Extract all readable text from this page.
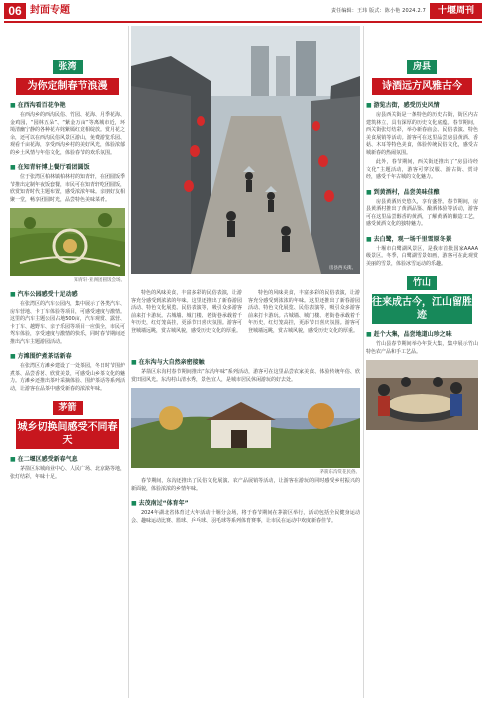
06 封面专题	责任编辑：王玮 版式：陈小艳 2024.2.7	十堰周刊
张湾
为你定制春节浪漫
■ 在西沟看百花争艳
在西沟乡的西沟民俗、竹园、花海、月季花海、金鸡园，“园林五朵”、“紫金万亩”等离城市近，环境清幽宁静的各种花卉姹紫嫣红竞相绽放。赏月花之余，还可以在西沟民俗风景区游山，免费游览乐园、观看千亩花海，享受西沟乡村的美好风光，体验浓郁的乡土风情与年俗文化，体验春节的欢乐氛围。
■ 在知青轩博上餐厅看团圆饭
位于张湾区柏林镇柏林村的知青轩，在团圆饭季节推出定制年夜饭套餐，市民可在知青轩吃团圆饭，欣赏知青时代主题布置，感受浓浓年味。亲朋好友相聚一堂，畅享团圆时光，品尝特色美味菜肴。
知青轩·亚洲团圆饭会场。
■ 汽车公园感受十足动感
在张湾区的汽车公园内，集中展示了各类汽车、房车营地、卡丁车体验等项目，可感受速度与激情。这里的汽车主题公园占地500亩，汽车观赏、露营、卡丁车、越野车、亲子乐园等项目一应俱全，市民可驾车体验，享受速度与激情的快乐，同时春节期间还推出汽车主题游园活动。
■ 方滩围炉煮茶话新春
在张湾区方滩乡建设了一处茶园，冬日时节围炉煮茶、品尝香茗、欣赏美景，可感受山乡茶文化的魅力。方滩乡还推出茶叶采摘体验、围炉茶话等系列活动，让游客在品茶中感受新春的浓浓年味。
茅箭
城乡切换间感受不同春天
■ 在二堰区感受新春气息
茅箭区东城商业中心、人民广场、北京路等地，张灯结彩，年味十足。
房县西关街。
特色的风味美食，丰富多彩的民俗表演，让游客充分感受到浓浓的年味。这里还推出了新春游园活动、特色文化展览、民俗表演等，吸引众多游客前来打卡游玩。古城墙、城门楼、老街巷承载着千年历史，红灯笼高挂，更添节日喜庆氛围。游客可登城墙远眺，赏古城风貌，感受历史文化的厚重。
特色的风味美食，丰富多彩的民俗表演，让游客充分感受到浓浓的年味。这里还推出了新春游园活动、特色文化展览、民俗表演等，吸引众多游客前来打卡游玩。古城墙、城门楼、老街巷承载着千年历史，红灯笼高挂，更添节日喜庆氛围。游客可登城墙远眺，赏古城风貌，感受历史文化的厚重。
■ 在东沟与大自然亲密接触
茅箭区东沟村春节期间推出“东沟年味”系列活动，游客可在这里品尝农家美食、体验传统年俗、欣赏田园风光。东沟村山清水秀，景色宜人，是城市居民休闲游玩的好去处。
茅箭东沟赏花民俗。
春节期间，东沟还推出了民俗文化展演、农产品展销等活动，让游客在游玩的同时感受乡村振兴的新面貌，体验浓浓的乡情年味。
■ 去茂南过“体育年”
2024年湖北省体育过大年活动十堰分会场，将于春节期间在茅箭区举行，活动包括全民健身运动会、趣味运动比赛、篮球、乒乓球、羽毛球等系列体育赛事，让市民在运动中欢度新春佳节。
房县
诗酒远方风雅古今
■ 游览古街，感受历史风情
房县西关街是一条特色的历史古街，街区内古建筑林立，具有深厚的历史文化底蕴。春节期间，西关街张灯结彩，举办新春庙会、民俗表演、特色美食展销等活动。游客可在这里品尝房县黄酒、香菇、木耳等特色美食，体验传统民俗文化，感受古城新春的热闹氛围。
此外，春节期间，西关街还推出了“房县诗经文化”主题活动，游客可穿汉服、游古街、赏诗经，感受千年古城的文化魅力。
■ 到黄酒村，品尝美味佳酿
房县黄酒历史悠久，享有盛誉。春节期间，房县黄酒村推出了黄酒品鉴、酿酒体验等活动，游客可在这里品尝醇香的黄酒，了解黄酒的酿造工艺，感受黄酒文化的独特魅力。
■ 去白鹭，观一场千里雪原冬景
十堰市白鹭湖风景区，是我市首批国家AAAA级景区。冬季，白鹭湖雪景如画，游客可在此观赏美丽的雪景，体验冰雪运动的乐趣。
竹山
往来成古今，江山留胜迹
■ 赶个大集，品尝地道山珍之味
竹山县春节期间举办年货大集，集中展示竹山特色农产品和手工艺品。
